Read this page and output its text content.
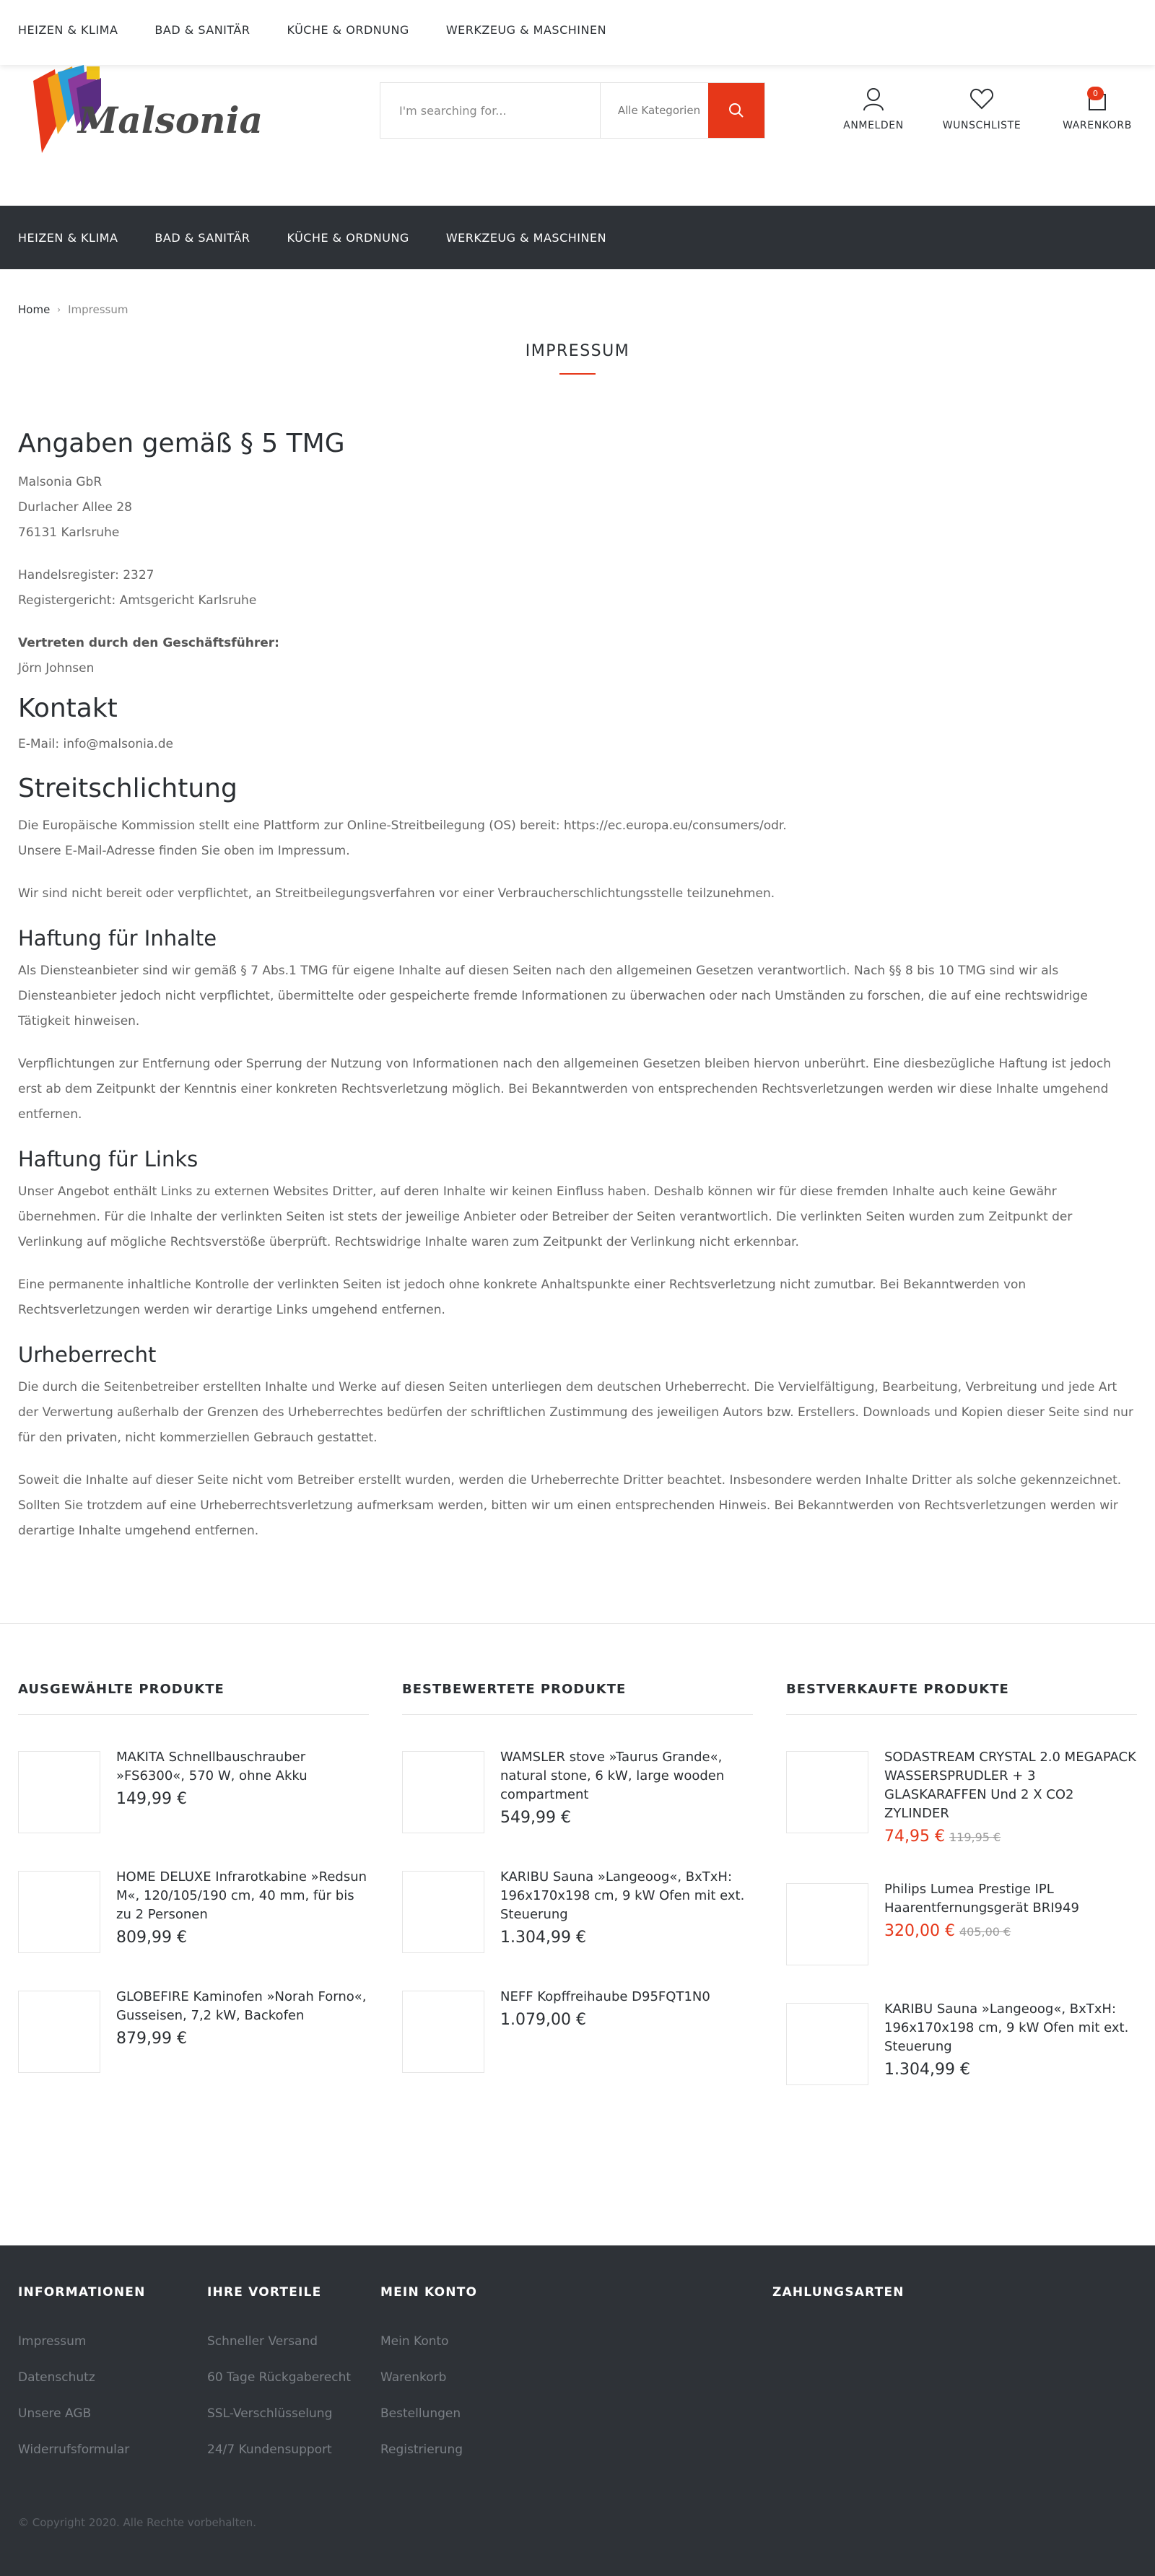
HEIZEN & KLIMA	BAD & SANITÄR	KÜCHE & ORDNUNG	WERKZEUG & MASCHINEN
Malsonia
I'm searching for...	Alle Kategorien
ANMELDEN	WUNSCHLISTE
0
WARENKORB
HEIZEN & KLIMA	BAD & SANITÄR	KÜCHE & ORDNUNG	WERKZEUG & MASCHINEN
Home › Impressum
IMPRESSUM
Angaben gemäß § 5 TMG

Malsonia GbR

Durlacher Allee 28

76131 Karlsruhe

Handelsregister: 2327

Registergericht: Amtsgericht Karlsruhe

Vertreten durch den Geschäftsführer:

Jörn Johnsen

Kontakt

E-Mail: info@malsonia.de

Streitschlichtung

Die Europäische Kommission stellt eine Plattform zur Online-Streitbeilegung (OS) bereit: https://ec.europa.eu/consumers/odr.

Unsere E-Mail-Adresse finden Sie oben im Impressum.

Wir sind nicht bereit oder verpflichtet, an Streitbeilegungsverfahren vor einer Verbraucherschlichtungsstelle teilzunehmen.

Haftung für Inhalte

Als Diensteanbieter sind wir gemäß § 7 Abs.1 TMG für eigene Inhalte auf diesen Seiten nach den allgemeinen Gesetzen verantwortlich. Nach §§ 8 bis 10 TMG sind wir als Diensteanbieter jedoch nicht verpflichtet, übermittelte oder gespeicherte fremde Informationen zu überwachen oder nach Umständen zu forschen, die auf eine rechtswidrige Tätigkeit hinweisen.

Verpflichtungen zur Entfernung oder Sperrung der Nutzung von Informationen nach den allgemeinen Gesetzen bleiben hiervon unberührt. Eine diesbezügliche Haftung ist jedoch erst ab dem Zeitpunkt der Kenntnis einer konkreten Rechtsverletzung möglich. Bei Bekanntwerden von entsprechenden Rechtsverletzungen werden wir diese Inhalte umgehend entfernen.

Haftung für Links

Unser Angebot enthält Links zu externen Websites Dritter, auf deren Inhalte wir keinen Einfluss haben. Deshalb können wir für diese fremden Inhalte auch keine Gewähr übernehmen. Für die Inhalte der verlinkten Seiten ist stets der jeweilige Anbieter oder Betreiber der Seiten verantwortlich. Die verlinkten Seiten wurden zum Zeitpunkt der Verlinkung auf mögliche Rechtsverstöße überprüft. Rechtswidrige Inhalte waren zum Zeitpunkt der Verlinkung nicht erkennbar.

Eine permanente inhaltliche Kontrolle der verlinkten Seiten ist jedoch ohne konkrete Anhaltspunkte einer Rechtsverletzung nicht zumutbar. Bei Bekanntwerden von Rechtsverletzungen werden wir derartige Links umgehend entfernen.

Urheberrecht

Die durch die Seitenbetreiber erstellten Inhalte und Werke auf diesen Seiten unterliegen dem deutschen Urheberrecht. Die Vervielfältigung, Bearbeitung, Verbreitung und jede Art der Verwertung außerhalb der Grenzen des Urheberrechtes bedürfen der schriftlichen Zustimmung des jeweiligen Autors bzw. Erstellers. Downloads und Kopien dieser Seite sind nur für den privaten, nicht kommerziellen Gebrauch gestattet.

Soweit die Inhalte auf dieser Seite nicht vom Betreiber erstellt wurden, werden die Urheberrechte Dritter beachtet. Insbesondere werden Inhalte Dritter als solche gekennzeichnet. Sollten Sie trotzdem auf eine Urheberrechtsverletzung aufmerksam werden, bitten wir um einen entsprechenden Hinweis. Bei Bekanntwerden von Rechtsverletzungen werden wir derartige Inhalte umgehend entfernen.

AUSGEWÄHLTE PRODUKTE
MAKITA Schnellbauschrauber »FS6300«, 570 W, ohne Akku
149,99 €
HOME DELUXE Infrarotkabine »Redsun M«, 120/105/190 cm, 40 mm, für bis zu 2 Personen
809,99 €
GLOBEFIRE Kaminofen »Norah Forno«, Gusseisen, 7,2 kW, Backofen
879,99 €
BESTBEWERTETE PRODUKTE
WAMSLER stove »Taurus Grande«, natural stone, 6 kW, large wooden compartment
549,99 €
KARIBU Sauna »Langeoog«, BxTxH: 196x170x198 cm, 9 kW Ofen mit ext. Steuerung
1.304,99 €
NEFF Kopffreihaube D95FQT1N0
1.079,00 €
BESTVERKAUFTE PRODUKTE
SODASTREAM CRYSTAL 2.0 MEGAPACK WASSERSPRUDLER + 3 GLASKARAFFEN Und 2 X CO2 ZYLINDER
74,95 € 119,95 €
Philips Lumea Prestige IPL Haarentfernungsgerät BRI949
320,00 € 405,00 €
KARIBU Sauna »Langeoog«, BxTxH: 196x170x198 cm, 9 kW Ofen mit ext. Steuerung
1.304,99 €
INFORMATIONEN
Impressum
Datenschutz
Unsere AGB
Widerrufsformular
IHRE VORTEILE
Schneller Versand
60 Tage Rückgaberecht
SSL-Verschlüsselung
24/7 Kundensupport
MEIN KONTO
Mein Konto
Warenkorb
Bestellungen
Registrierung
ZAHLUNGSARTEN
© Copyright 2020. Alle Rechte vorbehalten.
